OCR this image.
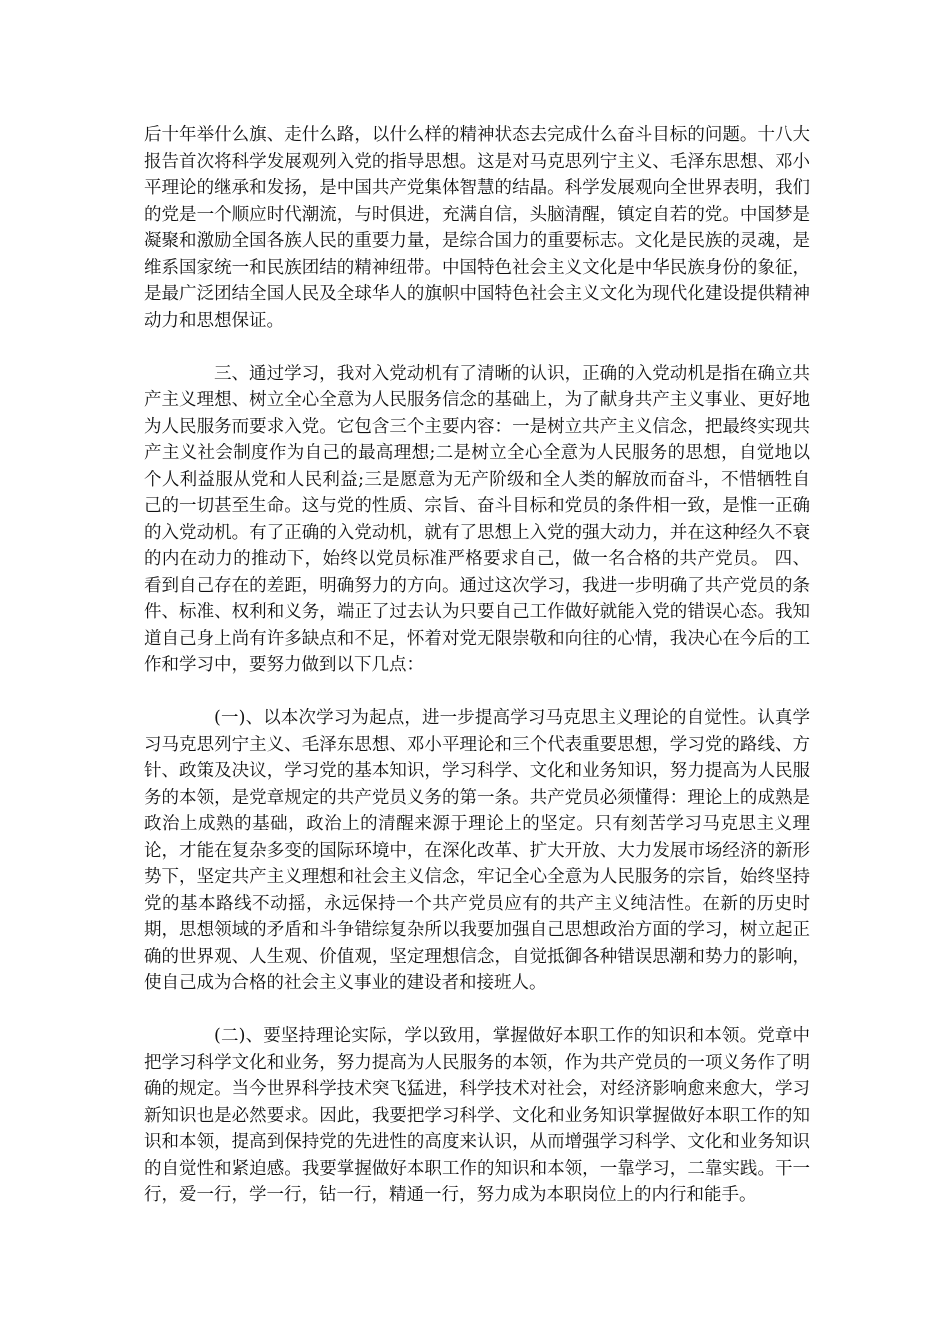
后十年举什么旗、走什么路，以什么样的精神状态去完成什么奋斗目标的问题。十八大报告首次将科学发展观列入党的指导思想。这是对马克思列宁主义、毛泽东思想、邓小平理论的继承和发扬，是中国共产党集体智慧的结晶。科学发展观向全世界表明，我们的党是一个顺应时代潮流，与时俱进，充满自信，头脑清醒，镇定自若的党。中国梦是凝聚和激励全国各族人民的重要力量，是综合国力的重要标志。文化是民族的灵魂，是维系国家统一和民族团结的精神纽带。中国特色社会主义文化是中华民族身份的象征，是最广泛团结全国人民及全球华人的旗帜中国特色社会主义文化为现代化建设提供精神动力和思想保证。

三、通过学习，我对入党动机有了清晰的认识，正确的入党动机是指在确立共产主义理想、树立全心全意为人民服务信念的基础上，为了献身共产主义事业、更好地为人民服务而要求入党。它包含三个主要内容：一是树立共产主义信念，把最终实现共产主义社会制度作为自己的最高理想;二是树立全心全意为人民服务的思想，自觉地以个人利益服从党和人民利益;三是愿意为无产阶级和全人类的解放而奋斗，不惜牺牲自己的一切甚至生命。这与党的性质、宗旨、奋斗目标和党员的条件相一致，是惟一正确的入党动机。有了正确的入党动机，就有了思想上入党的强大动力，并在这种经久不衰的内在动力的推动下，始终以党员标准严格要求自己，做一名合格的共产党员。 四、看到自己存在的差距，明确努力的方向。通过这次学习，我进一步明确了共产党员的条件、标准、权利和义务，端正了过去认为只要自己工作做好就能入党的错误心态。我知道自己身上尚有许多缺点和不足，怀着对党无限崇敬和向往的心情，我决心在今后的工作和学习中，要努力做到以下几点：

(一)、以本次学习为起点，进一步提高学习马克思主义理论的自觉性。认真学习马克思列宁主义、毛泽东思想、邓小平理论和三个代表重要思想，学习党的路线、方针、政策及决议，学习党的基本知识，学习科学、文化和业务知识，努力提高为人民服务的本领，是党章规定的共产党员义务的第一条。共产党员必须懂得：理论上的成熟是政治上成熟的基础，政治上的清醒来源于理论上的坚定。只有刻苦学习马克思主义理论，才能在复杂多变的国际环境中，在深化改革、扩大开放、大力发展市场经济的新形势下，坚定共产主义理想和社会主义信念，牢记全心全意为人民服务的宗旨，始终坚持党的基本路线不动摇，永远保持一个共产党员应有的共产主义纯洁性。在新的历史时期，思想领域的矛盾和斗争错综复杂所以我要加强自己思想政治方面的学习，树立起正确的世界观、人生观、价值观，坚定理想信念，自觉抵御各种错误思潮和势力的影响，使自己成为合格的社会主义事业的建设者和接班人。

(二)、要坚持理论实际，学以致用，掌握做好本职工作的知识和本领。党章中把学习科学文化和业务，努力提高为人民服务的本领，作为共产党员的一项义务作了明确的规定。当今世界科学技术突飞猛进，科学技术对社会，对经济影响愈来愈大，学习新知识也是必然要求。因此，我要把学习科学、文化和业务知识掌握做好本职工作的知识和本领，提高到保持党的先进性的高度来认识，从而增强学习科学、文化和业务知识的自觉性和紧迫感。我要掌握做好本职工作的知识和本领，一靠学习，二靠实践。干一行，爱一行，学一行，钻一行，精通一行，努力成为本职岗位上的内行和能手。
